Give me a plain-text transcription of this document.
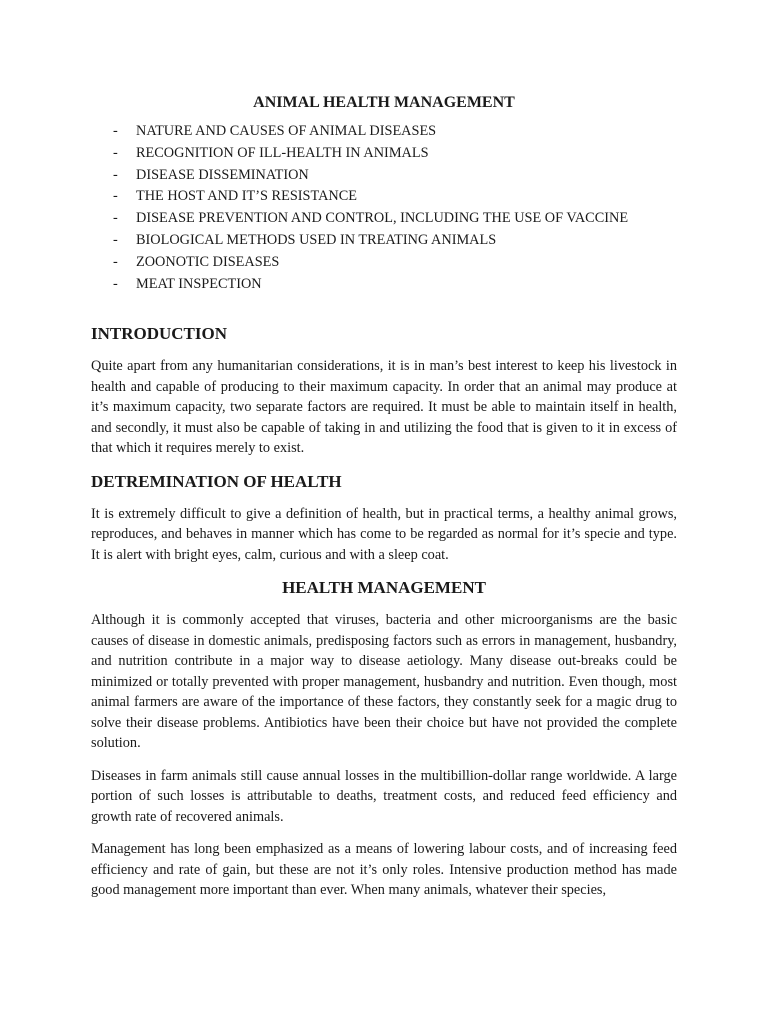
ANIMAL HEALTH MANAGEMENT
- NATURE AND CAUSES OF ANIMAL DISEASES
- RECOGNITION OF ILL-HEALTH IN ANIMALS
- DISEASE DISSEMINATION
- THE HOST AND IT’S RESISTANCE
- DISEASE PREVENTION AND CONTROL, INCLUDING THE USE OF VACCINE
- BIOLOGICAL METHODS USED IN TREATING ANIMALS
- ZOONOTIC DISEASES
- MEAT INSPECTION
INTRODUCTION

Quite apart from any humanitarian considerations, it is in man’s best interest to keep his livestock in health and capable of producing to their maximum capacity. In order that an animal may produce at it’s maximum capacity, two separate factors are required. It must be able to maintain itself in health, and secondly, it must also be capable of taking in and utilizing the food that is given to it in excess of that which it requires merely to exist.

DETREMINATION OF HEALTH

It is extremely difficult to give a definition of health, but in practical terms, a healthy animal grows, reproduces, and behaves in manner which has come to be regarded as normal for it’s specie and type. It is alert with bright eyes, calm, curious and with a sleep coat.

HEALTH MANAGEMENT

Although it is commonly accepted that viruses, bacteria and other microorganisms are the basic causes of disease in domestic animals, predisposing factors such as errors in management, husbandry, and nutrition contribute in a major way to disease aetiology. Many disease out-breaks could be minimized or totally prevented with proper management, husbandry and nutrition. Even though, most animal farmers are aware of the importance of these factors, they constantly seek for a magic drug to solve their disease problems. Antibiotics have been their choice but have not provided the complete solution.

Diseases in farm animals still cause annual losses in the multibillion-dollar range worldwide. A large portion of such losses is attributable to deaths, treatment costs, and reduced feed efficiency and growth rate of recovered animals.

Management has long been emphasized as a means of lowering labour costs, and of increasing feed efficiency and rate of gain, but these are not it’s only roles. Intensive production method has made good management more important than ever. When many animals, whatever their species,
